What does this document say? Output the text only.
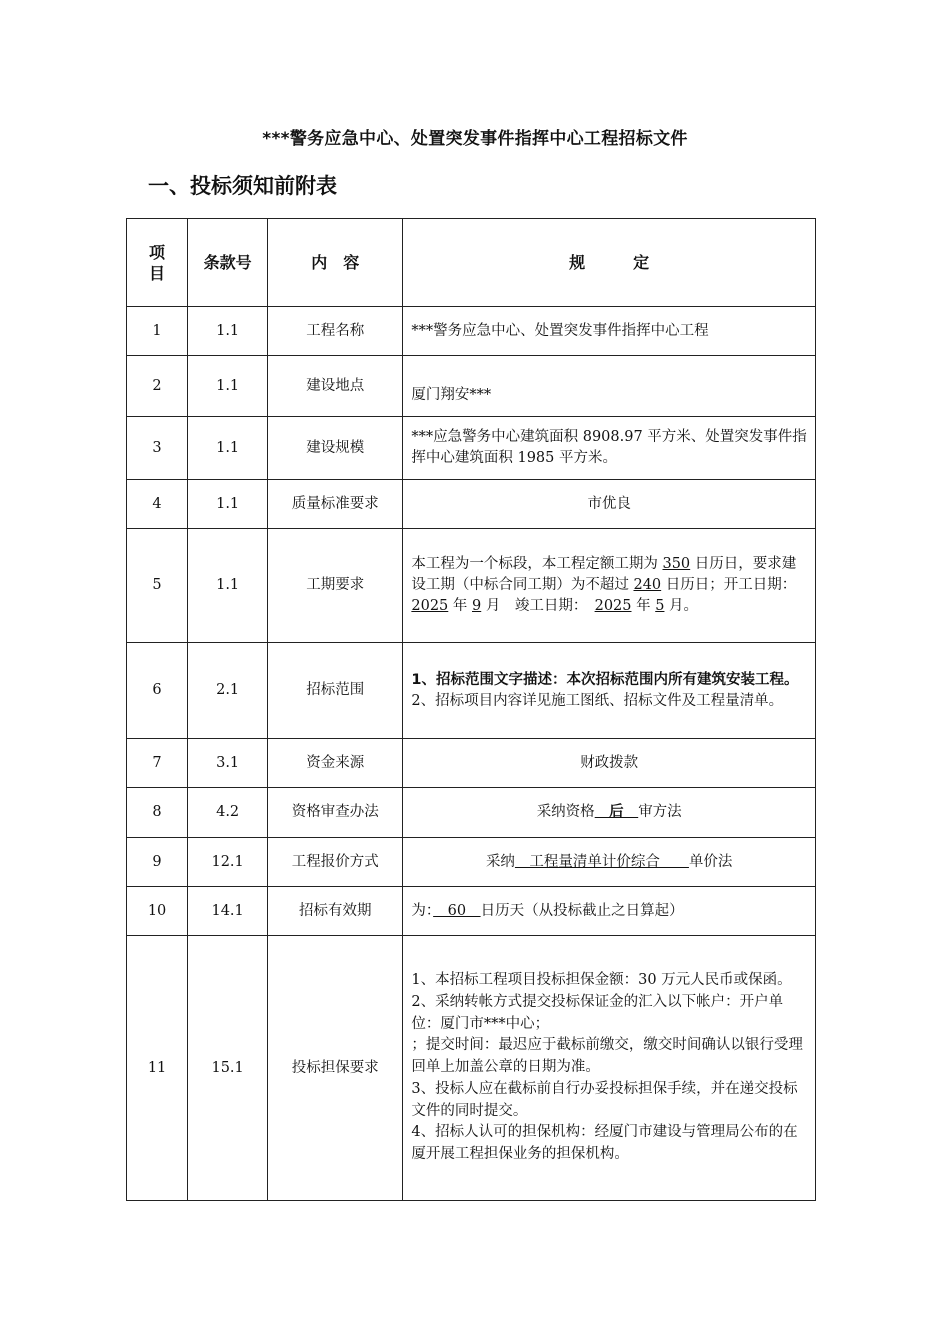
***警务应急中心、处置突发事件指挥中心工程招标文件
一、投标须知前附表
项
目	条款号	内　容	规　　　定
1	1.1	工程名称	***警务应急中心、处置突发事件指挥中心工程
2	1.1	建设地点	厦门翔安***
3	1.1	建设规模	***应急警务中心建筑面积 8908.97 平方米、处置突发事件指挥中心建筑面积 1985 平方米。
4	1.1	质量标准要求	市优良
5	1.1	工期要求	本工程为一个标段，本工程定额工期为 350 日历日，要求建设工期（中标合同工期）为不超过 240 日历日；开工日期：　2025 年 9 月　竣工日期：　2025 年 5 月。
6	2.1	招标范围	1、招标范围文字描述：本次招标范围内所有建筑安装工程。2、招标项目内容详见施工图纸、招标文件及工程量清单。
7	3.1	资金来源	财政拨款
8	4.2	资格审查办法	采纳资格　后　审方法
9	12.1	工程报价方式	采纳　工程量清单计价综合　　单价法
10	14.1	招标有效期	为：　60　日历天（从投标截止之日算起）
11	15.1	投标担保要求	1、本招标工程项目投标担保金额：30 万元人民币或保函。
2、采纳转帐方式提交投标保证金的汇入以下帐户：开户单位：厦门市***中心；
；提交时间：最迟应于截标前缴交，缴交时间确认以银行受理回单上加盖公章的日期为准。
3、投标人应在截标前自行办妥投标担保手续，并在递交投标文件的同时提交。
4、招标人认可的担保机构：经厦门市建设与管理局公布的在厦开展工程担保业务的担保机构。
